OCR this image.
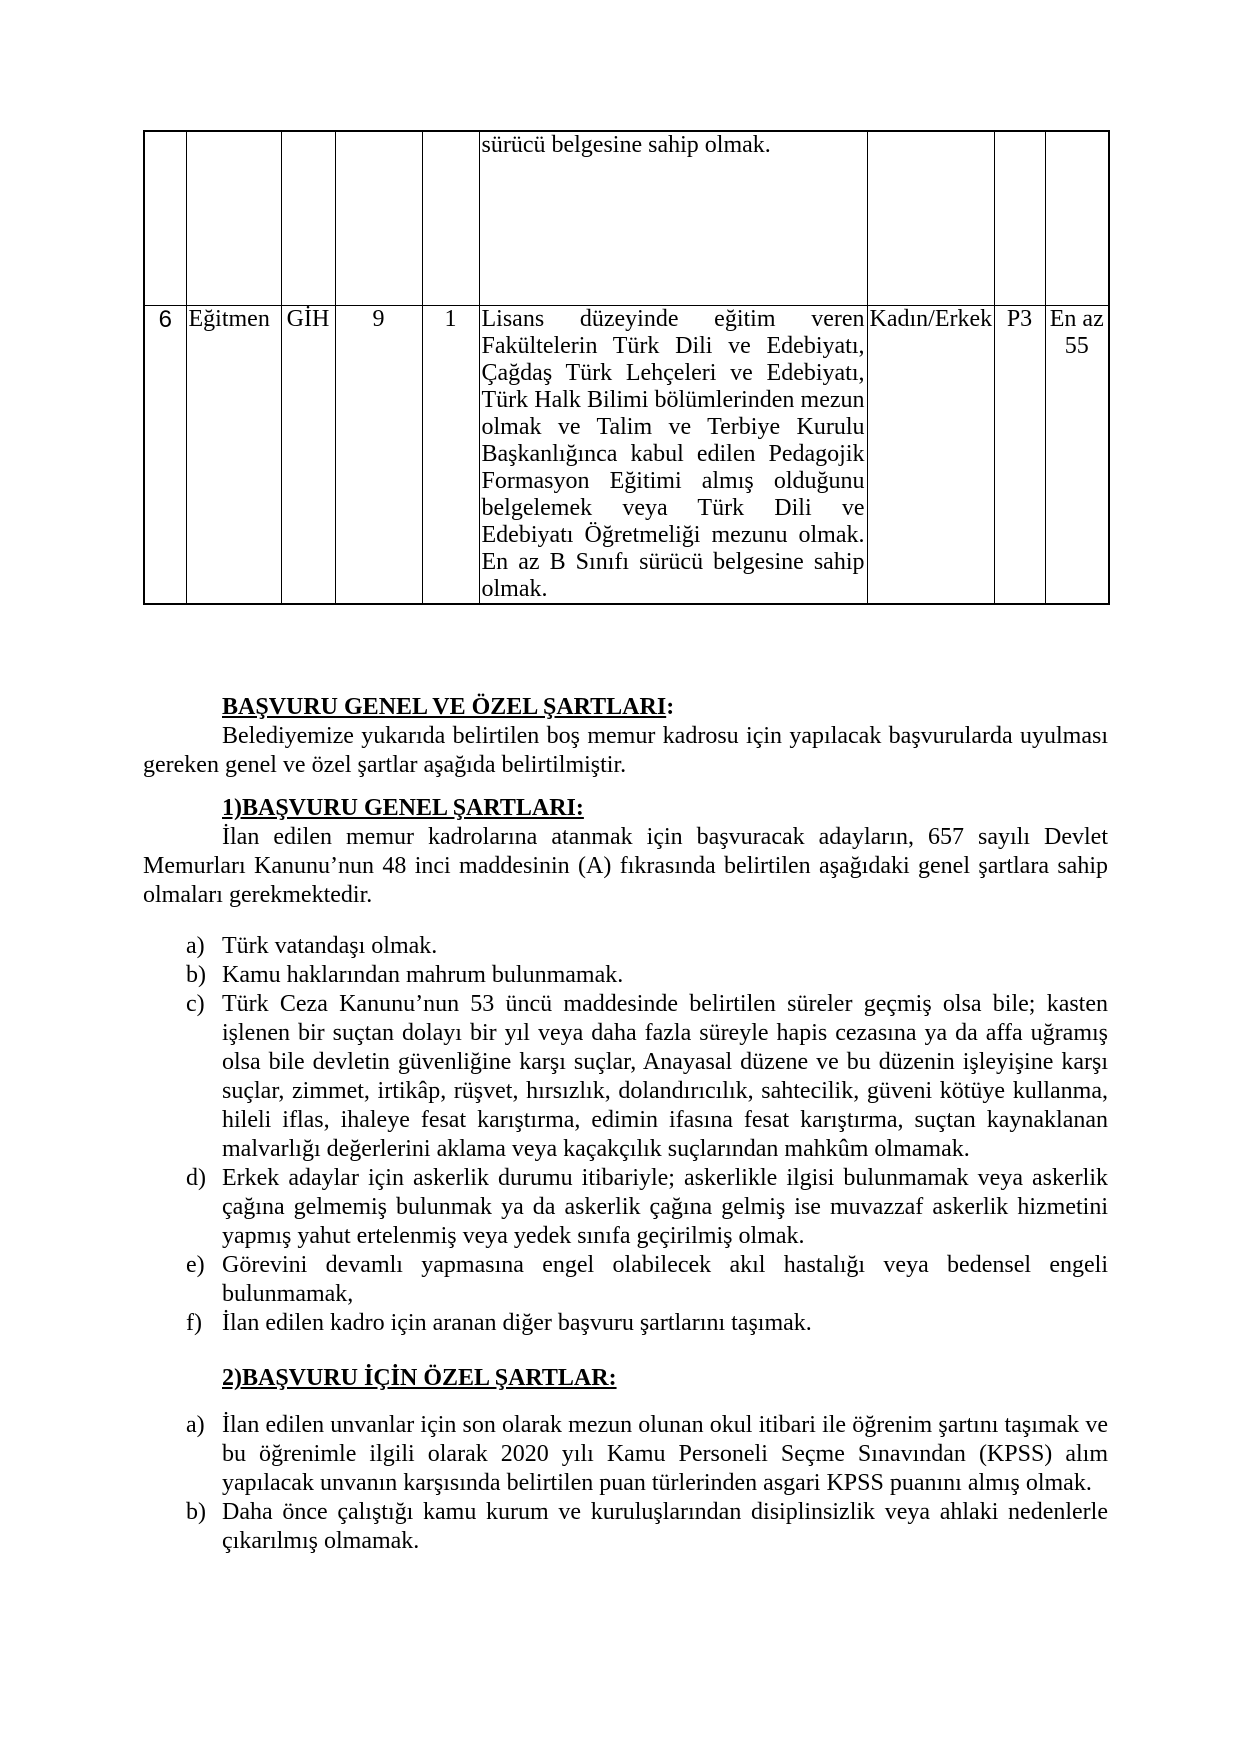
					sürücü belgesine sahip olmak.			
6	Eğitmen	GİH	9	1	Lisans düzeyinde eğitim veren Fakültelerin Türk Dili ve Edebiyatı, Çağdaş Türk Lehçeleri ve Edebiyatı, Türk Halk Bilimi bölümlerinden mezun olmak ve Talim ve Terbiye Kurulu Başkanlığınca kabul edilen Pedagojik Formasyon Eğitimi almış olduğunu belgelemek veya Türk Dili ve Edebiyatı Öğretmeliği mezunu olmak. En az B Sınıfı sürücü belgesine sahip olmak.	Kadın/Erkek	P3	En az 55

BAŞVURU GENEL VE ÖZEL ŞARTLARI:

Belediyemize yukarıda belirtilen boş memur kadrosu için yapılacak başvurularda uyulması gereken genel ve özel şartlar aşağıda belirtilmiştir.

1)BAŞVURU GENEL ŞARTLARI:

İlan edilen memur kadrolarına atanmak için başvuracak adayların, 657 sayılı Devlet Memurları Kanunu’nun 48 inci maddesinin (A) fıkrasında belirtilen aşağıdaki genel şartlara sahip olmaları gerekmektedir.

a) Türk vatandaşı olmak.
b) Kamu haklarından mahrum bulunmamak.
c) Türk Ceza Kanunu’nun 53 üncü maddesinde belirtilen süreler geçmiş olsa bile; kasten işlenen bir suçtan dolayı bir yıl veya daha fazla süreyle hapis cezasına ya da affa uğramış olsa bile devletin güvenliğine karşı suçlar, Anayasal düzene ve bu düzenin işleyişine karşı suçlar, zimmet, irtikâp, rüşvet, hırsızlık, dolandırıcılık, sahtecilik, güveni kötüye kullanma, hileli iflas, ihaleye fesat karıştırma, edimin ifasına fesat karıştırma, suçtan kaynaklanan malvarlığı değerlerini aklama veya kaçakçılık suçlarından mahkûm olmamak.
d) Erkek adaylar için askerlik durumu itibariyle; askerlikle ilgisi bulunmamak veya askerlik çağına gelmemiş bulunmak ya da askerlik çağına gelmiş ise muvazzaf askerlik hizmetini yapmış yahut ertelenmiş veya yedek sınıfa geçirilmiş olmak.
e) Görevini devamlı yapmasına engel olabilecek akıl hastalığı veya bedensel engeli bulunmamak,
f) İlan edilen kadro için aranan diğer başvuru şartlarını taşımak.

2)BAŞVURU İÇİN ÖZEL ŞARTLAR:

a) İlan edilen unvanlar için son olarak mezun olunan okul itibari ile öğrenim şartını taşımak ve bu öğrenimle ilgili olarak 2020 yılı Kamu Personeli Seçme Sınavından (KPSS) alım yapılacak unvanın karşısında belirtilen puan türlerinden asgari KPSS puanını almış olmak.
b) Daha önce çalıştığı kamu kurum ve kuruluşlarından disiplinsizlik veya ahlaki nedenlerle çıkarılmış olmamak.
